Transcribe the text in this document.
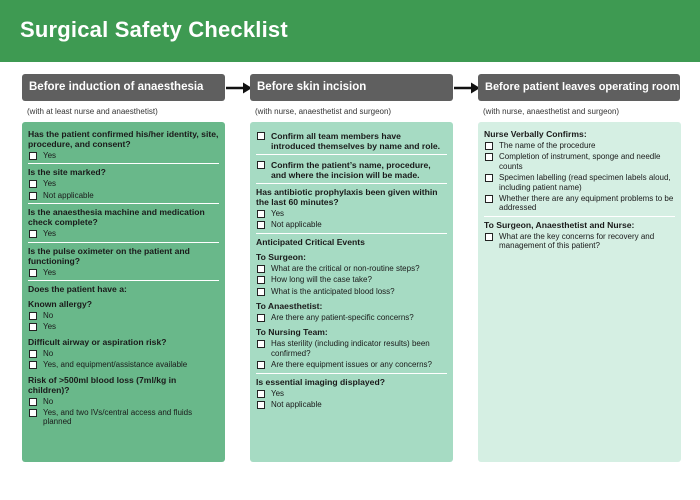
Surgical Safety Checklist
Before induction of anaesthesia
(with at least nurse and anaesthetist)
Has the patient confirmed his/her identity, site, procedure, and consent?
Yes
Is the site marked?
Yes
Not applicable
Is the anaesthesia machine and medication check complete?
Yes
Is the pulse oximeter on the patient and functioning?
Yes
Does the patient have a:
Known allergy?
No
Yes
Difficult airway or aspiration risk?
No
Yes, and equipment/assistance available
Risk of >500ml blood loss (7ml/kg in children)?
No
Yes, and two IVs/central access and fluids planned
Before skin incision
(with nurse, anaesthetist and surgeon)
Confirm all team members have introduced themselves by name and role.
Confirm the patient’s name, procedure, and where the incision will be made.
Has antibiotic prophylaxis been given within the last 60 minutes?
Yes
Not applicable
Anticipated Critical Events
To Surgeon:
What are the critical or non-routine steps?
How long will the case take?
What is the anticipated blood loss?
To Anaesthetist:
Are there any patient-specific concerns?
To Nursing Team:
Has sterility (including indicator results) been confirmed?
Are there equipment issues or any concerns?
Is essential imaging displayed?
Yes
Not applicable
Before patient leaves operating room
(with nurse, anaesthetist and surgeon)
Nurse Verbally Confirms:
The name of the procedure
Completion of instrument, sponge and needle counts
Specimen labelling (read specimen labels aloud, including patient name)
Whether there are any equipment problems to be addressed
To Surgeon, Anaesthetist and Nurse:
What are the key concerns for recovery and management of this patient?
